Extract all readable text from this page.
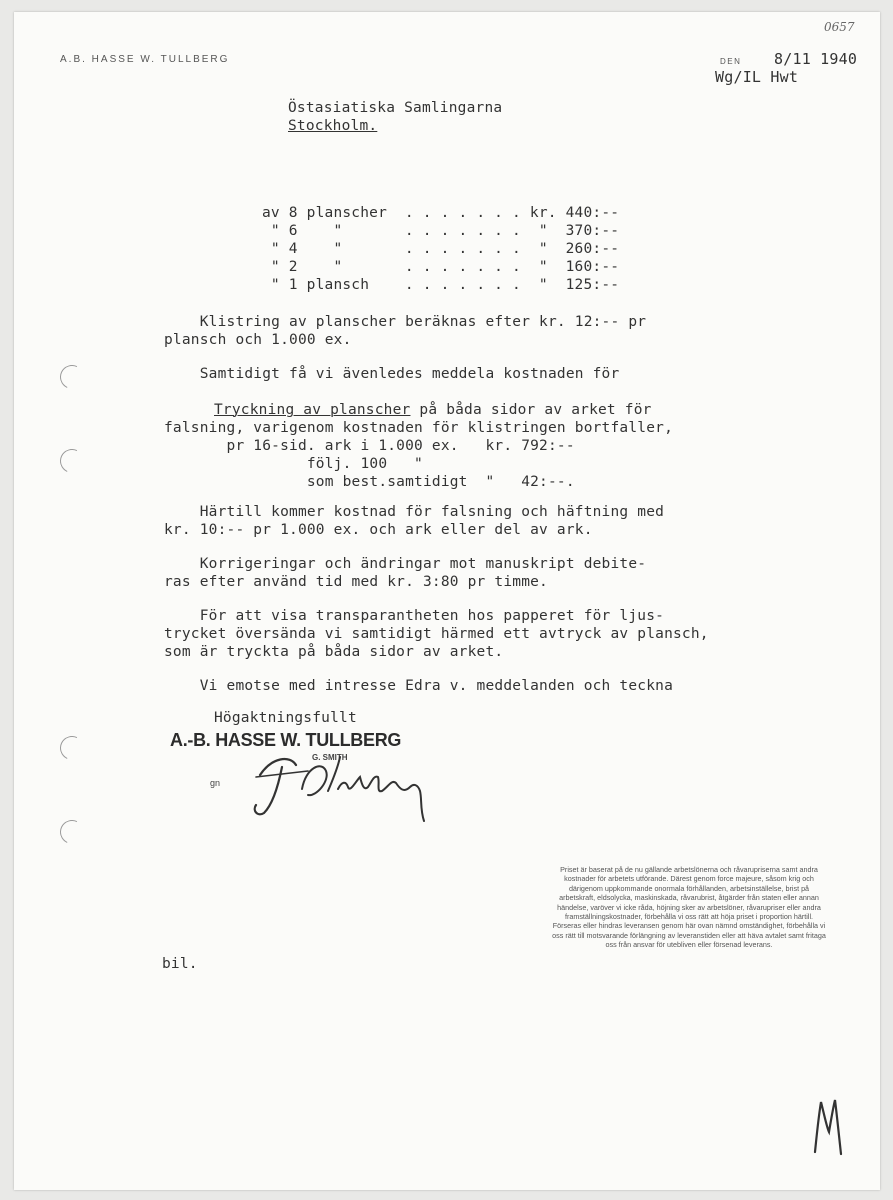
A.B. HASSE W. TULLBERG
0657
DEN 8/11 1940
Wg/IL Hwt
Östasiatiska Samlingarna
Stockholm.
av 8 planscher  . . . . . . . kr. 440:--
" 6    "       . . . . . . .  "  370:--
" 4    "       . . . . . . .  "  260:--
" 2    "       . . . . . . .  "  160:--
" 1 plansch    . . . . . . .  "  125:--
Klistring av planscher beräknas efter kr. 12:-- pr
plansch och 1.000 ex.
Samtidigt få vi ävenledes meddela kostnaden för
Tryckning av planscher på båda sidor av arket för
falsning, varigenom kostnaden för klistringen bortfaller,
pr 16-sid. ark i 1.000 ex.   kr. 792:--
följ. 100   "
som best.samtidigt  "   42:--.
Härtill kommer kostnad för falsning och häftning med
kr. 10:-- pr 1.000 ex. och ark eller del av ark.
Korrigeringar och ändringar mot manuskript debite-
ras efter använd tid med kr. 3:80 pr timme.
För att visa transparantheten hos papperet för ljus-
trycket översända vi samtidigt härmed ett avtryck av plansch,
som är tryckta på båda sidor av arket.
Vi emotse med intresse Edra v. meddelanden och teckna
Högaktningsfullt
A.-B. HASSE W. TULLBERG
G. SMITH
gn
Priset är baserat på de nu gällande arbetslönerna och råvarupriserna samt andra kostnader för arbetets utförande. Därest genom force majeure, såsom krig och därigenom uppkommande onormala förhållanden, arbetsinställelse, brist på arbetskraft, eldsolycka, maskinskada, råvarubrist, åtgärder från staten eller annan händelse, varöver vi icke råda, höjning sker av arbetslöner, råvarupriser eller andra framställningskostnader, förbehålla vi oss rätt att höja priset i proportion härtill. Förseras eller hindras leveransen genom här ovan nämnd omständighet, förbehålla vi oss rätt till motsvarande förlängning av leveranstiden eller att häva avtalet samt fritaga oss från ansvar för utebliven eller försenad leverans.
bil.
